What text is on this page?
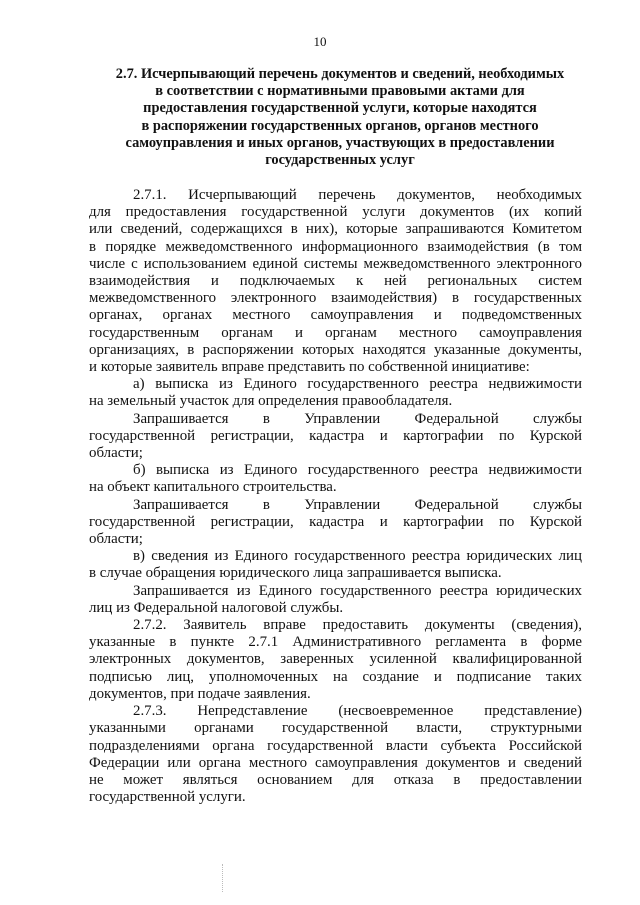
10
2.7. Исчерпывающий перечень документов и сведений, необходимых
в соответствии с нормативными правовыми актами для
предоставления государственной услуги, которые находятся
в распоряжении государственных органов, органов местного
самоуправления и иных органов, участвующих в предоставлении
государственных услуг

2.7.1. Исчерпывающий перечень документов, необходимых
для предоставления государственной услуги документов (их копий
или сведений, содержащихся в них), которые запрашиваются Комитетом
в порядке межведомственного информационного взаимодействия (в том
числе с использованием единой системы межведомственного электронного
взаимодействия и подключаемых к ней региональных систем
межведомственного электронного взаимодействия) в государственных
органах, органах местного самоуправления и подведомственных
государственным органам и органам местного самоуправления
организациях, в распоряжении которых находятся указанные документы,
и которые заявитель вправе представить по собственной инициативе:

а) выписка из Единого государственного реестра недвижимости
на земельный участок для определения правообладателя.

Запрашивается в Управлении Федеральной службы
государственной регистрации, кадастра и картографии по Курской
области;

б) выписка из Единого государственного реестра недвижимости
на объект капитального строительства.

Запрашивается в Управлении Федеральной службы
государственной регистрации, кадастра и картографии по Курской
области;

в) сведения из Единого государственного реестра юридических лиц
в случае обращения юридического лица запрашивается выписка.

Запрашивается из Единого государственного реестра юридических
лиц из Федеральной налоговой службы.

2.7.2. Заявитель вправе предоставить документы (сведения),
указанные в пункте 2.7.1 Административного регламента в форме
электронных документов, заверенных усиленной квалифицированной
подписью лиц, уполномоченных на создание и подписание таких
документов, при подаче заявления.

2.7.3. Непредставление (несвоевременное представление)
указанными органами государственной власти, структурными
подразделениями органа государственной власти субъекта Российской
Федерации или органа местного самоуправления документов и сведений
не может являться основанием для отказа в предоставлении
государственной услуги.
